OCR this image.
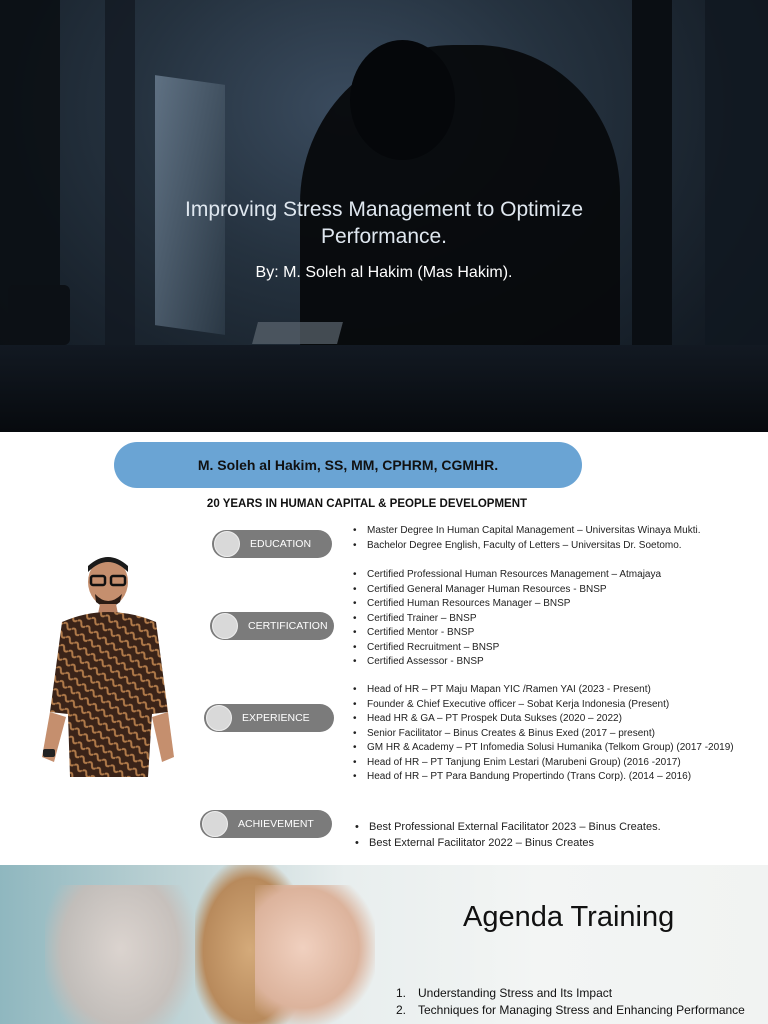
Improving Stress Management to Optimize Performance.
By: M. Soleh al Hakim (Mas Hakim).
M. Soleh al Hakim, SS, MM, CPHRM, CGMHR.
20 YEARS IN HUMAN CAPITAL & PEOPLE DEVELOPMENT
EDUCATION
• Master Degree In Human Capital Management – Universitas Winaya Mukti.
• Bachelor Degree English, Faculty of Letters – Universitas Dr. Soetomo.
CERTIFICATION
• Certified Professional Human Resources Management – Atmajaya
• Certified General Manager Human Resources - BNSP
• Certified Human Resources Manager – BNSP
• Certified Trainer – BNSP
• Certified Mentor - BNSP
• Certified Recruitment – BNSP
• Certified Assessor - BNSP
EXPERIENCE
• Head of HR – PT Maju Mapan YIC /Ramen YAI (2023 - Present)
• Founder & Chief Executive officer – Sobat Kerja Indonesia (Present)
• Head HR & GA – PT Prospek Duta Sukses (2020 – 2022)
• Senior Facilitator – Binus Creates & Binus Exed (2017 – present)
• GM HR & Academy – PT Infomedia Solusi Humanika (Telkom Group) (2017 -2019)
• Head of HR – PT Tanjung Enim Lestari (Marubeni Group) (2016 -2017)
• Head of HR – PT Para Bandung Propertindo (Trans Corp). (2014 – 2016)
ACHIEVEMENT
•	Best Professional External Facilitator 2023 – Binus Creates.
• Best External Facilitator 2022 – Binus Creates
Agenda Training
1. Understanding Stress and Its Impact
2. Techniques for Managing Stress and Enhancing Performance
